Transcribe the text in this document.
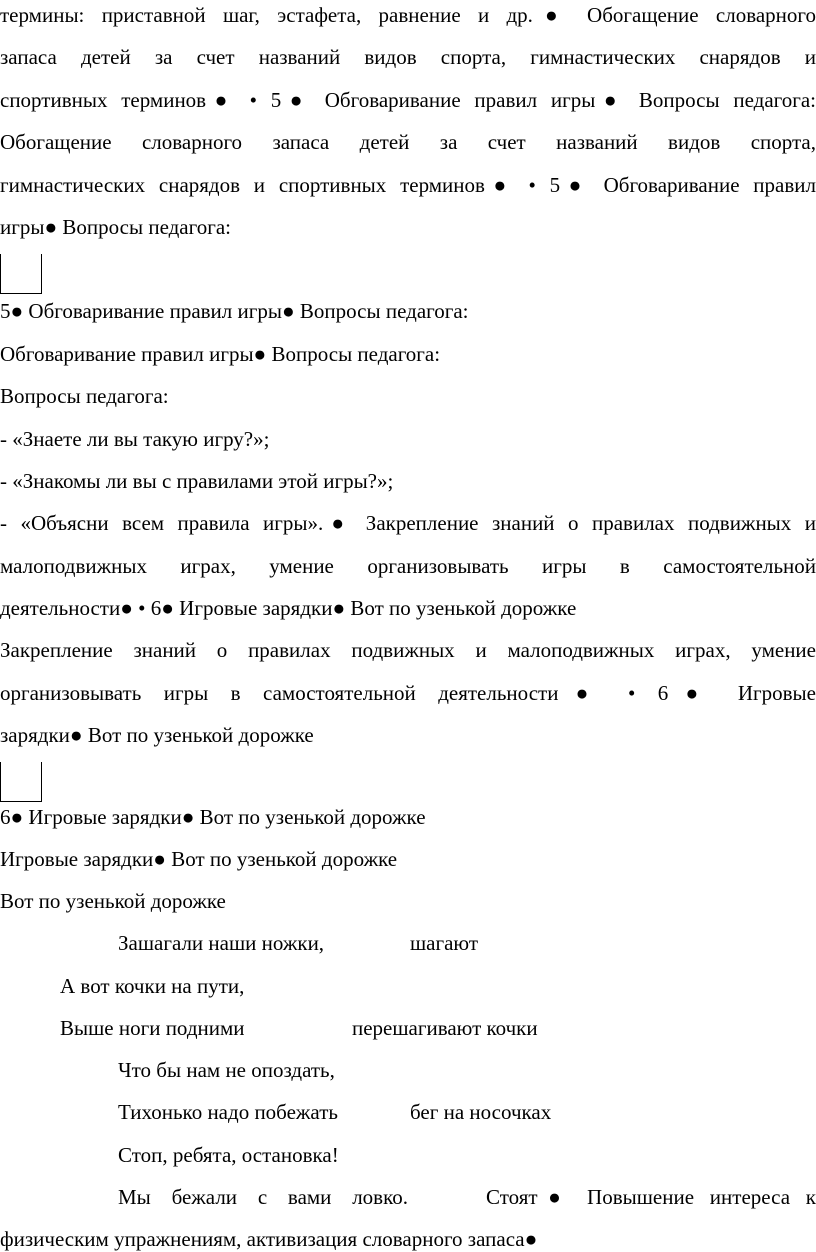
термины: приставной шаг, эстафета, равнение и др.● Обогащение словарного
запаса детей за счет названий видов спорта, гимнастических снарядов и
спортивных терминов● • 5● Обговаривание правил игры● Вопросы педагога:
Обогащение словарного запаса детей за счет названий видов спорта,
гимнастических снарядов и спортивных терминов● • 5● Обговаривание правил
игры● Вопросы педагога:
5● Обговаривание правил игры● Вопросы педагога:
Обговаривание правил игры● Вопросы педагога:
Вопросы педагога:
- «Знаете ли вы такую игру?»;
- «Знакомы ли вы с правилами этой игры?»;
- «Объясни всем правила игры».● Закрепление знаний о правилах подвижных и
малоподвижных играх, умение организовывать игры в самостоятельной
деятельности● • 6● Игровые зарядки● Вот по узенькой дорожке
Закрепление знаний о правилах подвижных и малоподвижных играх, умение
организовывать игры в самостоятельной деятельности● • 6● Игровые
зарядки● Вот по узенькой дорожке
6● Игровые зарядки● Вот по узенькой дорожке
Игровые зарядки● Вот по узенькой дорожке
Вот по узенькой дорожке
Зашагали наши ножки,	шагают
А вот кочки на пути,
Выше ноги подними	перешагивают кочки
Что бы нам не опоздать,
Тихонько надо побежать	бег на носочках
Стоп, ребята, остановка!
Мы бежали с вами ловко.	Стоят● Повышение интереса к
физическим упражнениям, активизация словарного запаса●
